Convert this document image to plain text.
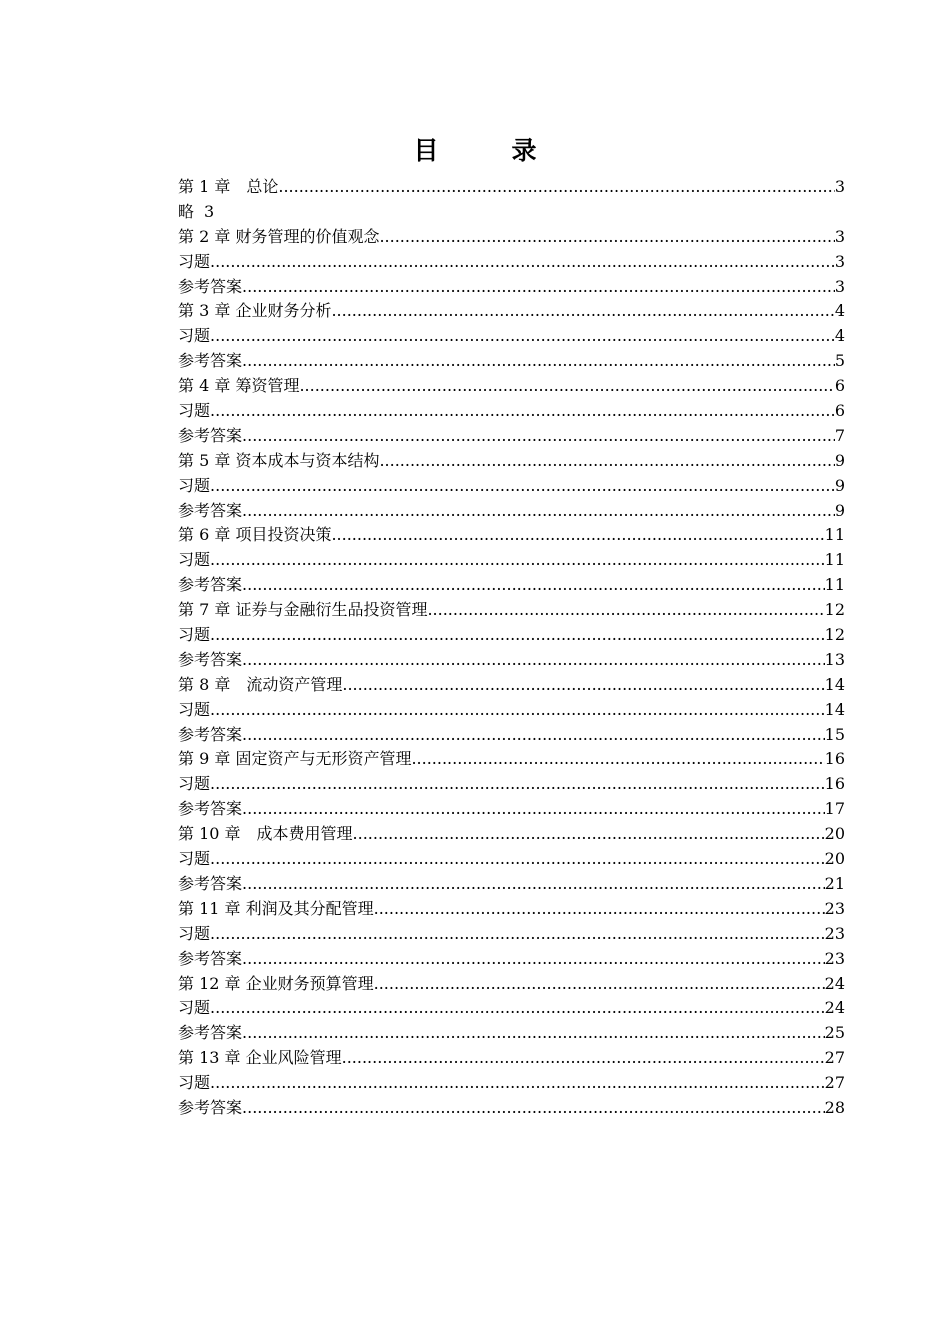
目　录
第 1 章　总论 .....	3
略 3
第 2 章 财务管理的价值观念 .....	3
习题 .....	3
参考答案 .....	3
第 3 章 企业财务分析 .....	4
习题 .....	4
参考答案 .....	5
第 4 章 筹资管理 .....	6
习题 .....	6
参考答案 .....	7
第 5 章 资本成本与资本结构 .....	9
习题 .....	9
参考答案 .....	9
第 6 章 项目投资决策 .....	11
习题 .....	11
参考答案 .....	11
第 7 章 证券与金融衍生品投资管理 .....	12
习题 .....	12
参考答案 .....	13
第 8 章　流动资产管理 .....	14
习题 .....	14
参考答案 .....	15
第 9 章 固定资产与无形资产管理 .....	16
习题 .....	16
参考答案 .....	17
第 10 章　成本费用管理 .....	20
习题 .....	20
参考答案 .....	21
第 11 章 利润及其分配管理 .....	23
习题 .....	23
参考答案 .....	23
第 12 章 企业财务预算管理 .....	24
习题 .....	24
参考答案 .....	25
第 13 章 企业风险管理 .....	27
习题 .....	27
参考答案 .....	28
